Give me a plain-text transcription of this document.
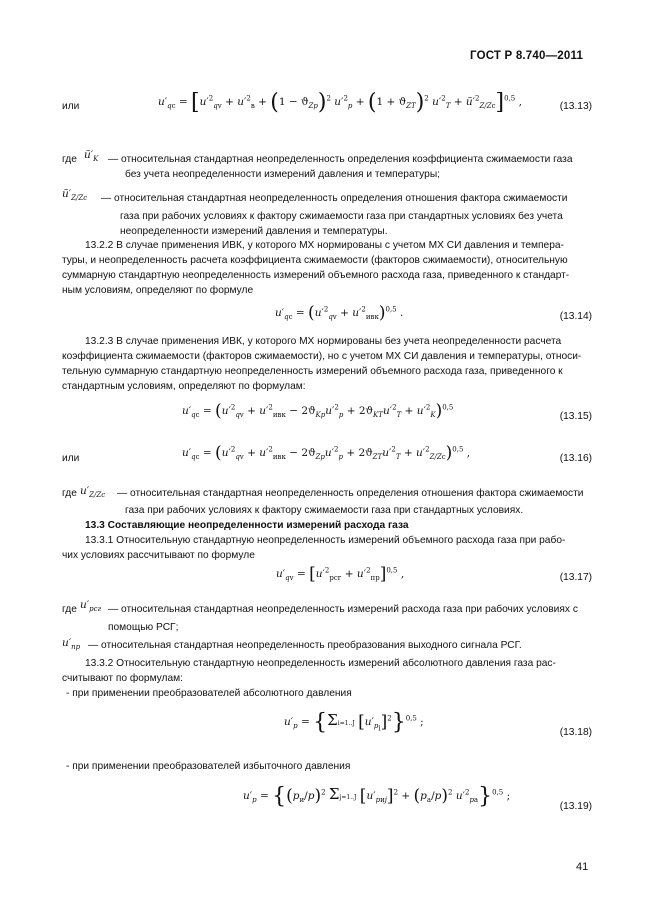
ГОСТ Р 8.740—2011
или	$u'_{qc} = [u'^2_{qv} + u'^2_в + (1 - ϑ_{Zp})^2$ $u'^2_p + (1 + ϑ_{ZT})^2$ $u'^2_T$ + $ũ'^2_{Z/Zc}]^{0,5}$ ,	(13.13)
где $ũ'_K$ — относительная стандартная неопределенность определения коэффициента сжимаемости газа
без учета неопределенности измерений давления и температуры;
$ũ'_{Z/Zc}$ — относительная стандартная неопределенность определения отношения фактора сжимаемости
газа при рабочих условиях к фактору сжимаемости газа при стандартных условиях без учета
неопределенности измерений давления и температуры.
13.2.2 В случае применения ИВК, у которого МХ нормированы с учетом МХ СИ давления и темпера-
туры, и неопределенность расчета коэффициента сжимаемости (факторов сжимаемости), относительную
суммарную стандартную неопределенность измерений объемного расхода газа, приведенного к стандарт-
ным условиям, определяют по формуле
$u'_{qc} = (u'^2_{qv} + u'^2_{ивк})^{0,5}$ .	(13.14)
13.2.3 В случае применения ИВК, у которого МХ нормированы без учета неопределенности расчета
коэффициента сжимаемости (факторов сжимаемости), но с учетом МХ СИ давления и температуры, относи-
тельную суммарную стандартную неопределенность измерений объемного расхода газа, приведенного к
стандартным условиям, определяют по формулам:
$u'_{qc} = (u'^2_{qv} + u'^2_{ивк} - 2ϑ_{Kp}u'^2_p + 2ϑ_{KT}u'^2_T + u'^2_K)^{0,5}$
(13.15)
или	$u'_{qc} = (u'^2_{qv} + u'^2_{ивк} - 2ϑ_{Zp}u'^2_p + 2ϑ_{ZT}u'^2_T + u'^2_{Z/Zc})^{0,5}$ ,	(13.16)
где $u'_{Z/Zc}$ — относительная стандартная неопределенность определения отношения фактора сжимаемости
газа при рабочих условиях к фактору сжимаемости газа при стандартных условиях.
13.3 Составляющие неопределенности измерений расхода газа
13.3.1 Относительную стандартную неопределенность измерений объемного расхода газа при рабо-
чих условиях рассчитывают по формуле
$u'_{qv} = [u'^2_{рсг} + u'^2_{пр}]^{0,5}$ ,	(13.17)
где $u'_{рсг}$ — относительная стандартная неопределенность измерений расхода газа при рабочих условиях с
помощью РСГ;
$u'_{пр}$ — относительная стандартная неопределенность преобразования выходного сигнала РСГ.
13.3.2 Относительную стандартную неопределенность измерений абсолютного давления газа рас-
считывают по формулам:
- при применении преобразователей абсолютного давления
$u'_p = \{\Sigma i=1..J$ $[u'_{p_i}]^2\}^{0,5}$ ;
(13.18)
- при применении преобразователей избыточного давления
$u'_p = \{(p_и/p)^2$ Σj=1..J $[u'_{pиj}]^2 + (p_а/p)^2$ $u'^2_{pа}\}^{0,5}$ ;
(13.19)
41
